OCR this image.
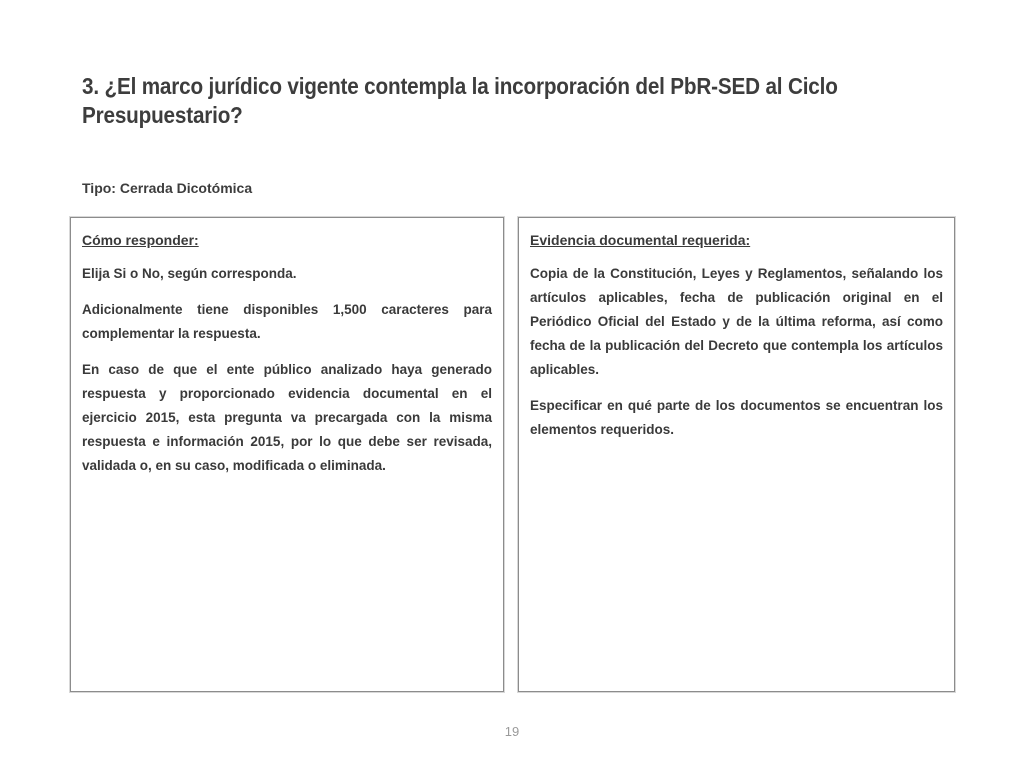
3. ¿El marco jurídico vigente contempla la incorporación del PbR-SED al Ciclo Presupuestario?
Tipo: Cerrada Dicotómica
Cómo responder:

Elija Si o No, según corresponda.

Adicionalmente tiene disponibles 1,500 caracteres para complementar la respuesta.

En caso de que el ente público analizado haya generado respuesta y proporcionado evidencia documental en el ejercicio 2015, esta pregunta va precargada con la misma respuesta e información 2015, por lo que debe ser revisada, validada o, en su caso, modificada o eliminada.

Evidencia documental requerida:

Copia de la Constitución, Leyes y Reglamentos, señalando los artículos aplicables, fecha de publicación original en el Periódico Oficial del Estado y de la última reforma, así como fecha de la publicación del Decreto que contempla los artículos aplicables.

Especificar en qué parte de los documentos se encuentran los elementos requeridos.

19
